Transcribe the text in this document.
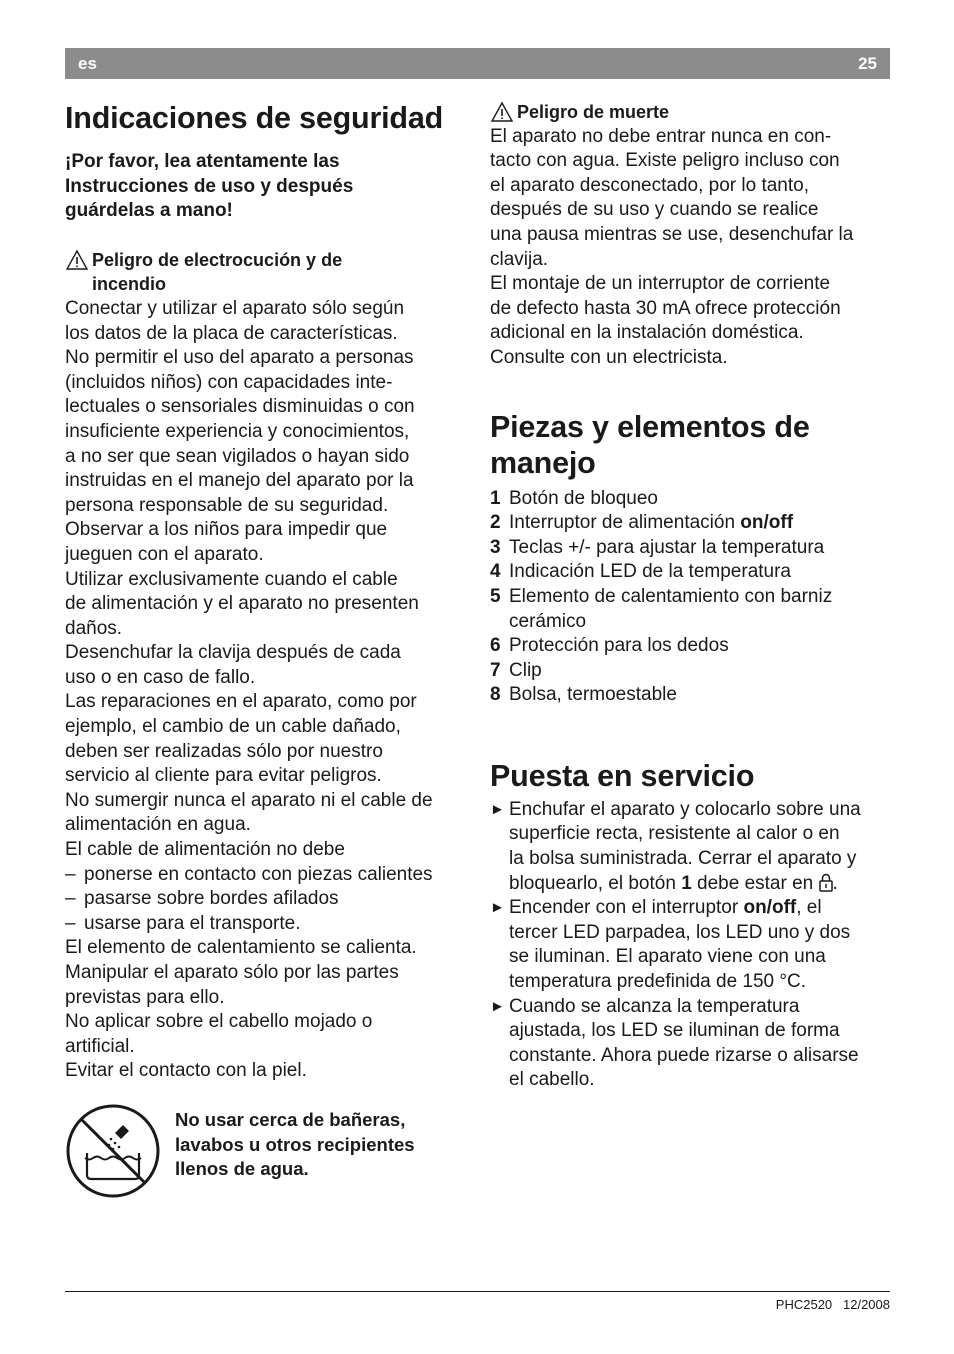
es	25
Indicaciones de seguridad
¡Por favor, lea atentamente las
Instrucciones de uso y después
guárdelas a mano!
Peligro de electrocución y de
incendio
Conectar y utilizar el aparato sólo según
los datos de la placa de características.
No permitir el uso del aparato a personas
(incluidos niños) con capacidades inte-
lectuales o sensoriales disminuidas o con
insuficiente experiencia y conocimientos,
a no ser que sean vigilados o hayan sido
instruidas en el manejo del aparato por la
persona responsable de su seguridad.
Observar a los niños para impedir que
jueguen con el aparato.
Utilizar exclusivamente cuando el cable
de alimentación y el aparato no presenten
daños.
Desenchufar la clavija después de cada
uso o en caso de fallo.
Las reparaciones en el aparato, como por
ejemplo, el cambio de un cable dañado,
deben ser realizadas sólo por nuestro
servicio al cliente para evitar peligros.
No sumergir nunca el aparato ni el cable de
alimentación en agua.
El cable de alimentación no debe
– ponerse en contacto con piezas calientes
– pasarse sobre bordes afilados
– usarse para el transporte.
El elemento de calentamiento se calienta.
Manipular el aparato sólo por las partes
previstas para ello.
No aplicar sobre el cabello mojado o
artificial.
Evitar el contacto con la piel.
No usar cerca de bañeras,
lavabos u otros recipientes
llenos de agua.
Peligro de muerte
El aparato no debe entrar nunca en con-
tacto con agua. Existe peligro incluso con
el aparato desconectado, por lo tanto,
después de su uso y cuando se realice
una pausa mientras se use, desenchufar la
clavija.
El montaje de un interruptor de corriente
de defecto hasta 30 mA ofrece protección
adicional en la instalación doméstica.
Consulte con un electricista.
Piezas y elementos de
manejo
1 Botón de bloqueo
2 Interruptor de alimentación on/off
3 Teclas +/- para ajustar la temperatura
4 Indicación LED de la temperatura
5 Elemento de calentamiento con barniz
cerámico
6 Protección para los dedos
7 Clip
8 Bolsa, termoestable
Puesta en servicio
► Enchufar el aparato y colocarlo sobre una
superficie recta, resistente al calor o en
la bolsa suministrada. Cerrar el aparato y
bloquearlo, el botón 1 debe estar en .
► Encender con el interruptor on/off, el
tercer LED parpadea, los LED uno y dos
se iluminan. El aparato viene con una
temperatura predefinida de 150 °C.
► Cuando se alcanza la temperatura
ajustada, los LED se iluminan de forma
constante. Ahora puede rizarse o alisarse
el cabello.
PHC2520 12/2008
